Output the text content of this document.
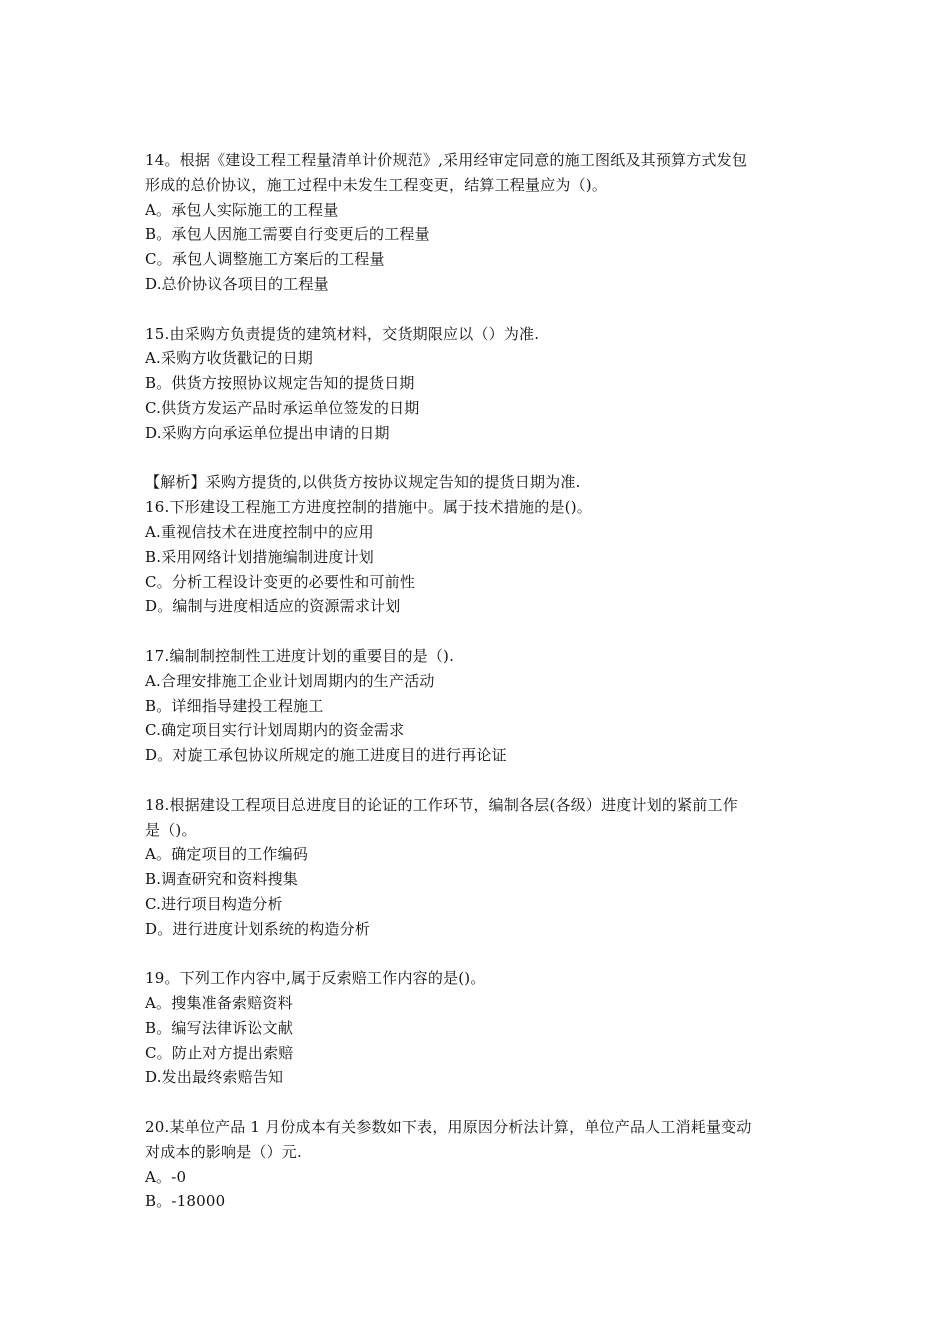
14。根据《建设工程工程量清单计价规范》,采用经审定同意的施工图纸及其预算方式发包
形成的总价协议，施工过程中未发生工程变更，结算工程量应为（)。
A。承包人实际施工的工程量
B。承包人因施工需要自行变更后的工程量
C。承包人调整施工方案后的工程量
D.总价协议各项目的工程量
15.由采购方负责提货的建筑材料，交货期限应以（）为准.
A.采购方收货戳记的日期
B。供货方按照协议规定告知的提货日期
C.供货方发运产品时承运单位签发的日期
D.采购方向承运单位提出申请的日期
【解析】采购方提货的,以供货方按协议规定告知的提货日期为准.
16.下形建设工程施工方进度控制的措施中。属于技术措施的是()。
A.重视信技术在进度控制中的应用
B.采用网络计划措施编制进度计划
C。分析工程设计变更的必要性和可前性
D。编制与进度相适应的资源需求计划
17.编制制控制性工进度计划的重要目的是（).
A.合理安排施工企业计划周期内的生产活动
B。详细指导建投工程施工
C.确定项目实行计划周期内的资金需求
D。对旋工承包协议所规定的施工进度目的进行再论证
18.根据建设工程项目总进度目的论证的工作环节，编制各层(各级）进度计划的紧前工作
是（)。
A。确定项目的工作编码
B.调查研究和资料搜集
C.进行项目构造分析
D。进行进度计划系统的构造分析
19。下列工作内容中,属于反索赔工作内容的是()。
A。搜集准备索赔资料
B。编写法律诉讼文献
C。防止对方提出索赔
D.发出最终索赔告知
20.某单位产品 1 月份成本有关参数如下表，用原因分析法计算，单位产品人工消耗量变动
对成本的影响是（）元.
A。-0
B。-18000
